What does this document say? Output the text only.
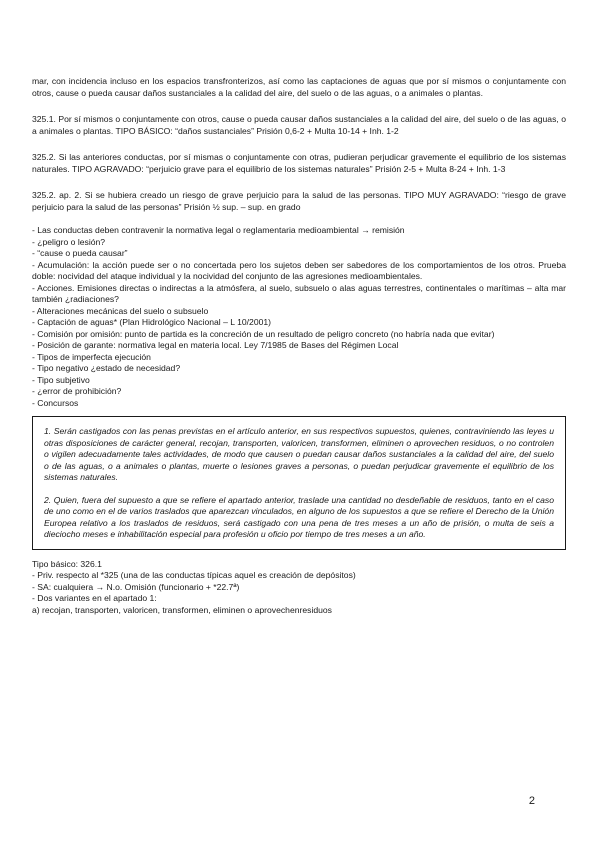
mar, con incidencia incluso en los espacios transfronterizos, así como las captaciones de aguas que por sí mismos o conjuntamente con otros, cause o pueda causar daños sustanciales a la calidad del aire, del suelo o de las aguas, o a animales o plantas.

325.1. Por sí mismos o conjuntamente con otros, cause o pueda causar daños sustanciales a la calidad del aire, del suelo o de las aguas, o a animales o plantas. TIPO BÁSICO: “daños sustanciales” Prisión 0,6-2 + Multa 10-14 + Inh. 1-2

325.2. Si las anteriores conductas, por sí mismas o conjuntamente con otras, pudieran perjudicar gravemente el equilibrio de los sistemas naturales. TIPO AGRAVADO: “perjuicio grave para el equilibrio de los sistemas naturales” Prisión 2-5 + Multa 8-24 + Inh. 1-3

325.2. ap. 2. Si se hubiera creado un riesgo de grave perjuicio para la salud de las personas. TIPO MUY AGRAVADO: “riesgo de grave perjuicio para la salud de las personas” Prisión ½ sup. – sup. en grado

- Las conductas deben contravenir la normativa legal o reglamentaria medioambiental → remisión
- ¿peligro o lesión?
- “cause o pueda causar”
- Acumulación: la acción puede ser o no concertada pero los sujetos deben ser sabedores de los comportamientos de los otros. Prueba doble: nocividad del ataque individual y la nocividad del conjunto de las agresiones medioambientales.
- Acciones. Emisiones directas o indirectas a la atmósfera, al suelo, subsuelo o alas aguas terrestres, continentales o marítimas – alta mar también ¿radiaciones?
- Alteraciones mecánicas del suelo o subsuelo
- Captación de aguas* (Plan Hidrológico Nacional – L 10/2001)
- Comisión por omisión: punto de partida es la concreción de un resultado de peligro concreto (no habría nada que evitar)
- Posición de garante: normativa legal en materia local. Ley 7/1985 de Bases del Régimen Local
- Tipos de imperfecta ejecución
- Tipo negativo ¿estado de necesidad?
- Tipo subjetivo
- ¿error de prohibición?
- Concursos

1. Serán castigados con las penas previstas en el artículo anterior, en sus respectivos supuestos, quienes, contraviniendo las leyes u otras disposiciones de carácter general, recojan, transporten, valoricen, transformen, eliminen o aprovechen residuos, o no controlen o vigilen adecuadamente tales actividades, de modo que causen o puedan causar daños sustanciales a la calidad del aire, del suelo o de las aguas, o a animales o plantas, muerte o lesiones graves a personas, o puedan perjudicar gravemente el equilibrio de los sistemas naturales.

2. Quien, fuera del supuesto a que se refiere el apartado anterior, traslade una cantidad no desdeñable de residuos, tanto en el caso de uno como en el de varios traslados que aparezcan vinculados, en alguno de los supuestos a que se refiere el Derecho de la Unión Europea relativo a los traslados de residuos, será castigado con una pena de tres meses a un año de prisión, o multa de seis a dieciocho meses e inhabilitación especial para profesión u oficio por tiempo de tres meses a un año.

Tipo básico: 326.1
- Priv. respecto al *325 (una de las conductas típicas aquel es creación de depósitos)
- SA: cualquiera → N.o. Omisión (funcionario + *22.7ª)
- Dos variantes en el apartado 1:
a) recojan, transporten, valoricen, transformen, eliminen o aprovechenresiduos
2
